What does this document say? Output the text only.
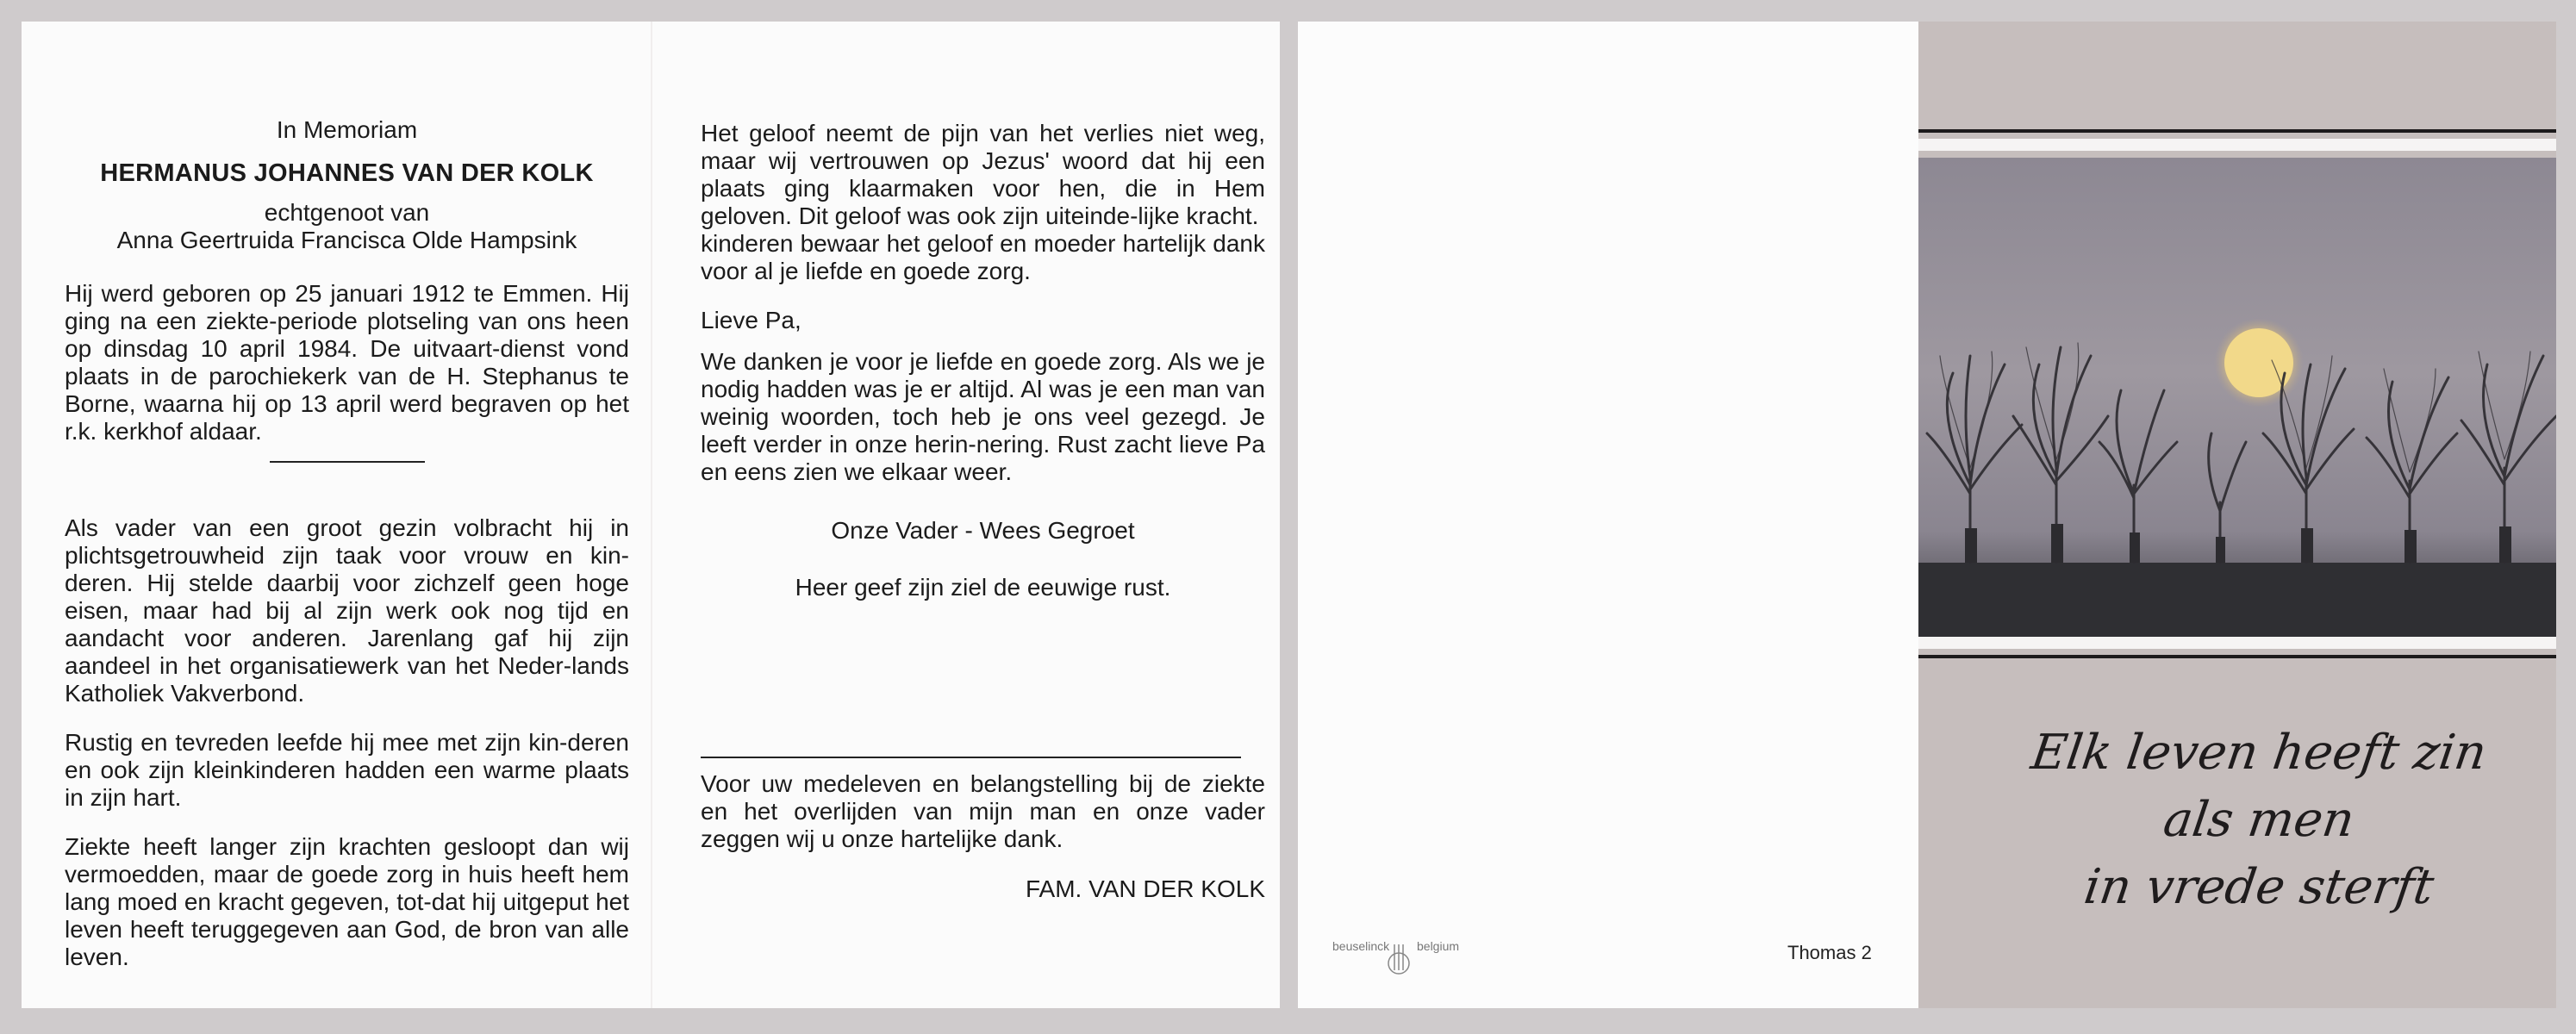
In Memoriam
HERMANUS JOHANNES VAN DER KOLK
echtgenoot van
Anna Geertruida Francisca Olde Hampsink
Hij werd geboren op 25 januari 1912 te Emmen. Hij ging na een ziekte-periode plotseling van ons heen op dinsdag 10 april 1984. De uitvaart-dienst vond plaats in de parochiekerk van de H. Stephanus te Borne, waarna hij op 13 april werd begraven op het r.k. kerkhof aldaar.
Als vader van een groot gezin volbracht hij in plichtsgetrouwheid zijn taak voor vrouw en kin-deren. Hij stelde daarbij voor zichzelf geen hoge eisen, maar had bij al zijn werk ook nog tijd en aandacht voor anderen. Jarenlang gaf hij zijn aandeel in het organisatiewerk van het Neder-lands Katholiek Vakverbond.
Rustig en tevreden leefde hij mee met zijn kin-deren en ook zijn kleinkinderen hadden een warme plaats in zijn hart.
Ziekte heeft langer zijn krachten gesloopt dan wij vermoedden, maar de goede zorg in huis heeft hem lang moed en kracht gegeven, tot-dat hij uitgeput het leven heeft teruggegeven aan God, de bron van alle leven.
Het geloof neemt de pijn van het verlies niet weg, maar wij vertrouwen op Jezus' woord dat hij een plaats ging klaarmaken voor hen, die in Hem geloven. Dit geloof was ook zijn uiteinde-lijke kracht.
kinderen bewaar het geloof en moeder hartelijk dank voor al je liefde en goede zorg.
Lieve Pa,
We danken je voor je liefde en goede zorg. Als we je nodig hadden was je er altijd. Al was je een man van weinig woorden, toch heb je ons veel gezegd. Je leeft verder in onze herin-nering. Rust zacht lieve Pa en eens zien we elkaar weer.
Onze Vader - Wees Gegroet
Heer geef zijn ziel de eeuwige rust.
Voor uw medeleven en belangstelling bij de ziekte en het overlijden van mijn man en onze vader zeggen wij u onze hartelijke dank.
FAM. VAN DER KOLK
beuselinck belgium	Thomas 2
Elk leven heeft zin
als men
in vrede sterft
